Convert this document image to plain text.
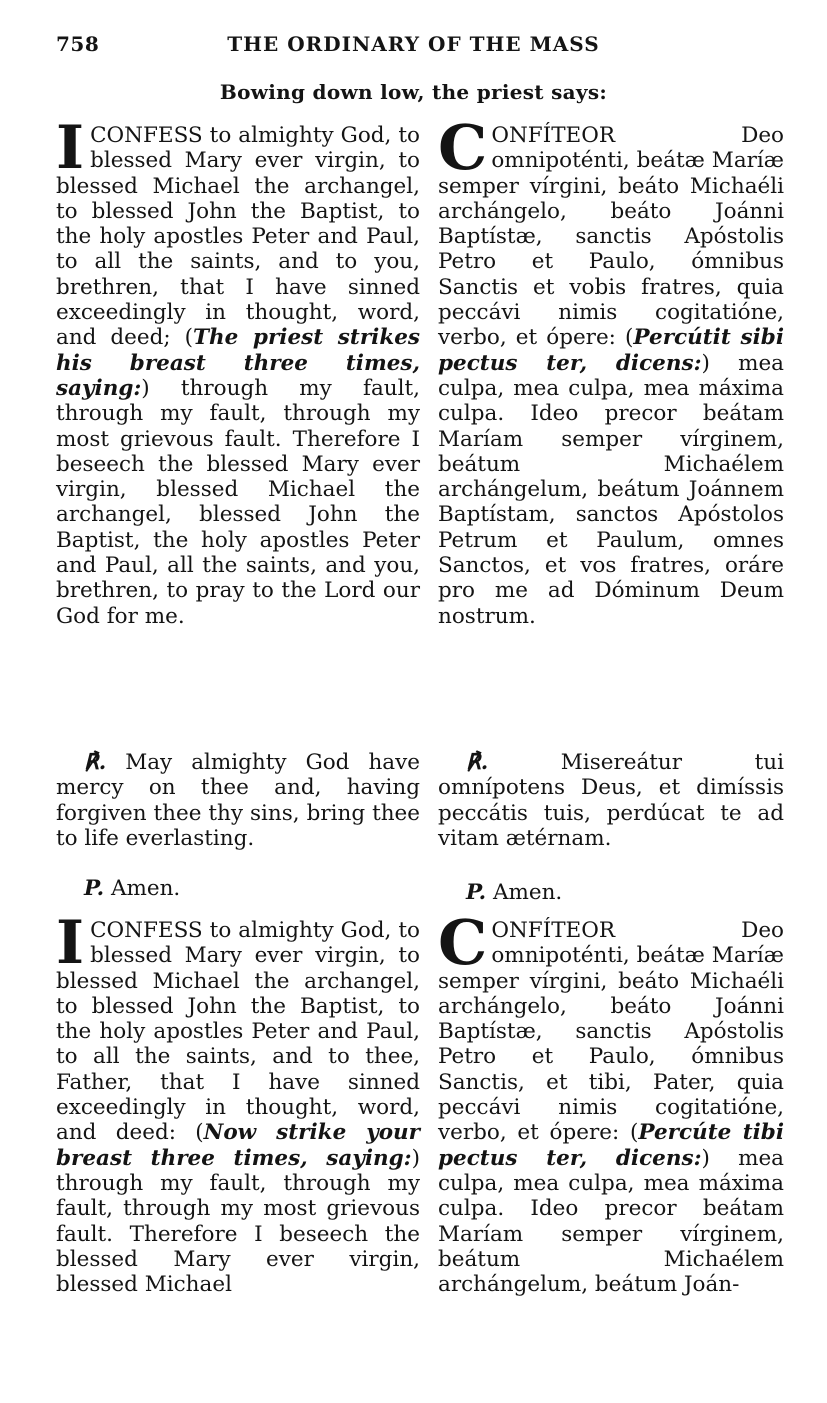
758	THE ORDINARY OF THE MASS
Bowing down low, the priest says:

ICONFESS to almighty God, to blessed Mary ever virgin, to blessed Michael the archangel, to blessed John the Baptist, to the holy apostles Peter and Paul, to all the saints, and to you, brethren, that I have sinned exceedingly in thought, word, and deed; (The priest strikes his breast three times, saying:) through my fault, through my fault, through my most grievous fault. Therefore I beseech the blessed Mary ever virgin, blessed Michael the archangel, blessed John the Baptist, the holy apostles Peter and Paul, all the saints, and you, brethren, to pray to the Lord our God for me.

CONFÍTEOR Deo omnipoténti, beátæ Maríæ semper vírgini, beáto Michaéli archángelo, beáto Joánni Baptístæ, sanctis Apóstolis Petro et Paulo, ómnibus Sanctis et vobis fratres, quia peccávi nimis cogitatióne, verbo, et ópere: (Percútit sibi pectus ter, dicens:) mea culpa, mea culpa, mea máxima culpa. Ideo precor beátam Maríam semper vírginem, beátum Michaélem archángelum, beátum Joánnem Baptístam, sanctos Apóstolos Petrum et Paulum, omnes Sanctos, et vos fratres, oráre pro me ad Dóminum Deum nostrum.

℟. May almighty God have mercy on thee and, having forgiven thee thy sins, bring thee to life everlasting.

℟.	Misereátur tui omnípotens Deus, et dimíssis peccátis tuis, perdúcat te ad vitam ætérnam.

P. Amen.	P. Amen.

ICONFESS to almighty God, to blessed Mary ever virgin, to blessed Michael the archangel, to blessed John the Baptist, to the holy apostles Peter and Paul, to all the saints, and to thee, Father, that I have sinned exceedingly in thought, word, and deed: (Now strike your breast three times, saying:) through my fault, through my fault, through my most grievous fault. Therefore I beseech the blessed Mary ever virgin, blessed Michael

CONFÍTEOR Deo omnipoténti, beátæ Maríæ semper vírgini, beáto Michaéli archángelo, beáto Joánni Baptístæ, sanctis Apóstolis Petro et Paulo, ómnibus Sanctis, et tibi, Pater, quia peccávi nimis cogitatióne, verbo, et ópere: (Percúte tibi pectus ter, dicens:) mea culpa, mea culpa, mea máxima culpa. Ideo precor beátam Maríam semper vírginem, beátum Michaélem archángelum, beátum Joán-
